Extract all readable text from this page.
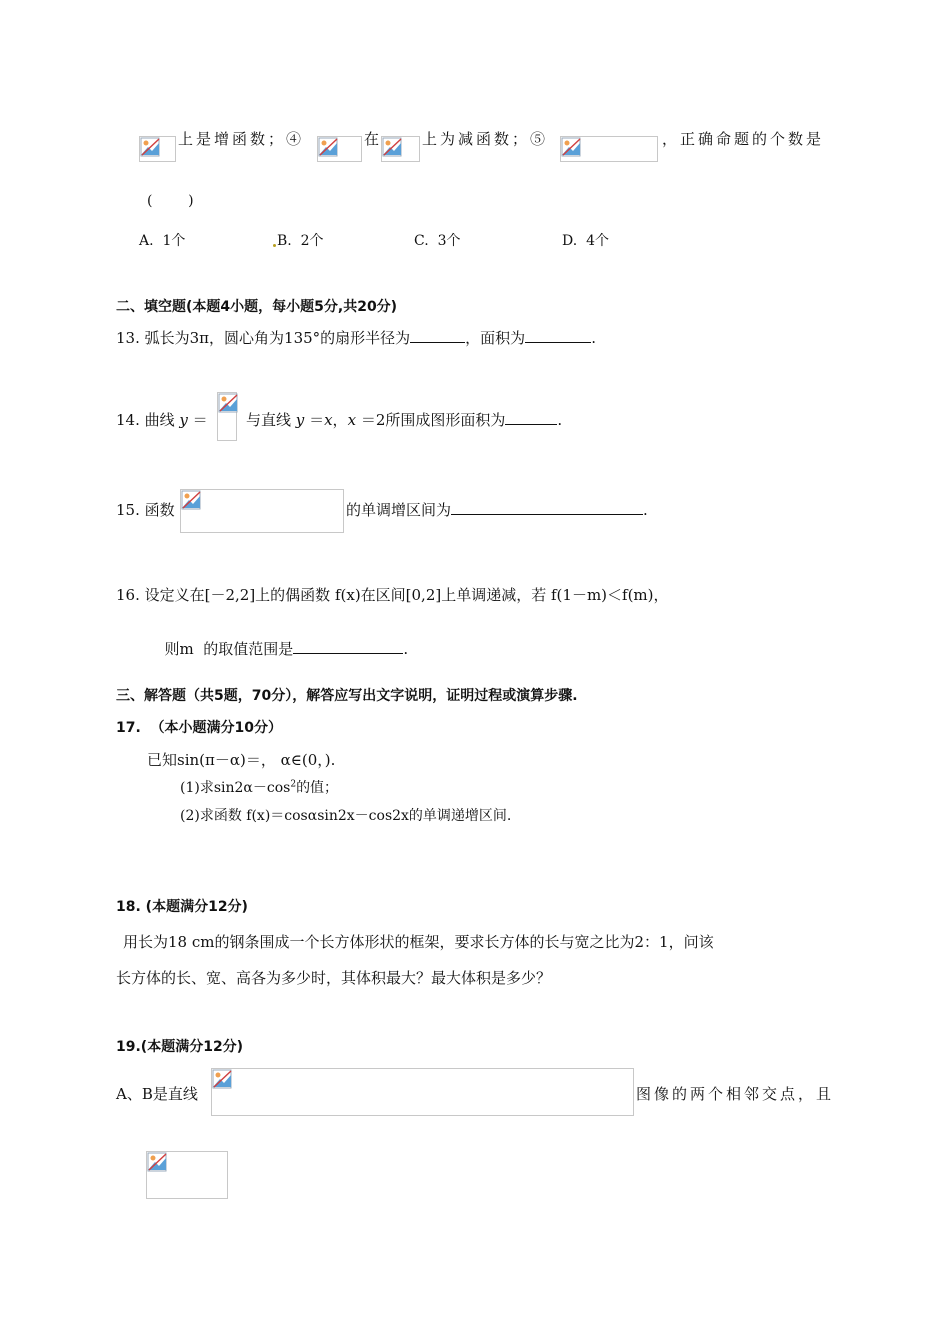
上是增函数；④	在	上为减函数；⑤	，正确命题的个数是
(        )
A.  1个	B.  2个	C.  3个	D.  4个
二、填空题(本题4小题，每小题5分,共20分)
13. 弧长为3π，圆心角为135°的扇形半径为	，面积为	.
14. 曲线 y ＝	与直线 y ＝x，x ＝2所围成图形面积为	.
15. 函数	的单调增区间为	.
16. 设定义在[－2,2]上的偶函数 f(x)在区间[0,2]上单调递减，若 f(1－m)＜f(m)，

则m  的取值范围是	.

三、解答题（共5题，70分），解答应写出文字说明，证明过程或演算步骤.
17.  （本小题满分10分）
已知sin(π－α)＝， α∈(0，).
(1)求$\sin 2\alpha-\cos^2$的值；
(2)求函数 f(x)＝cosαsin2x－cos2x的单调递增区间.
18. (本题满分12分)
用长为18 cm的钢条围成一个长方体形状的框架，要求长方体的长与宽之比为2：1，问该
长方体的长、宽、高各为多少时，其体积最大？最大体积是多少？
19.(本题满分12分)
A、B是直线	图像的两个相邻交点，且
